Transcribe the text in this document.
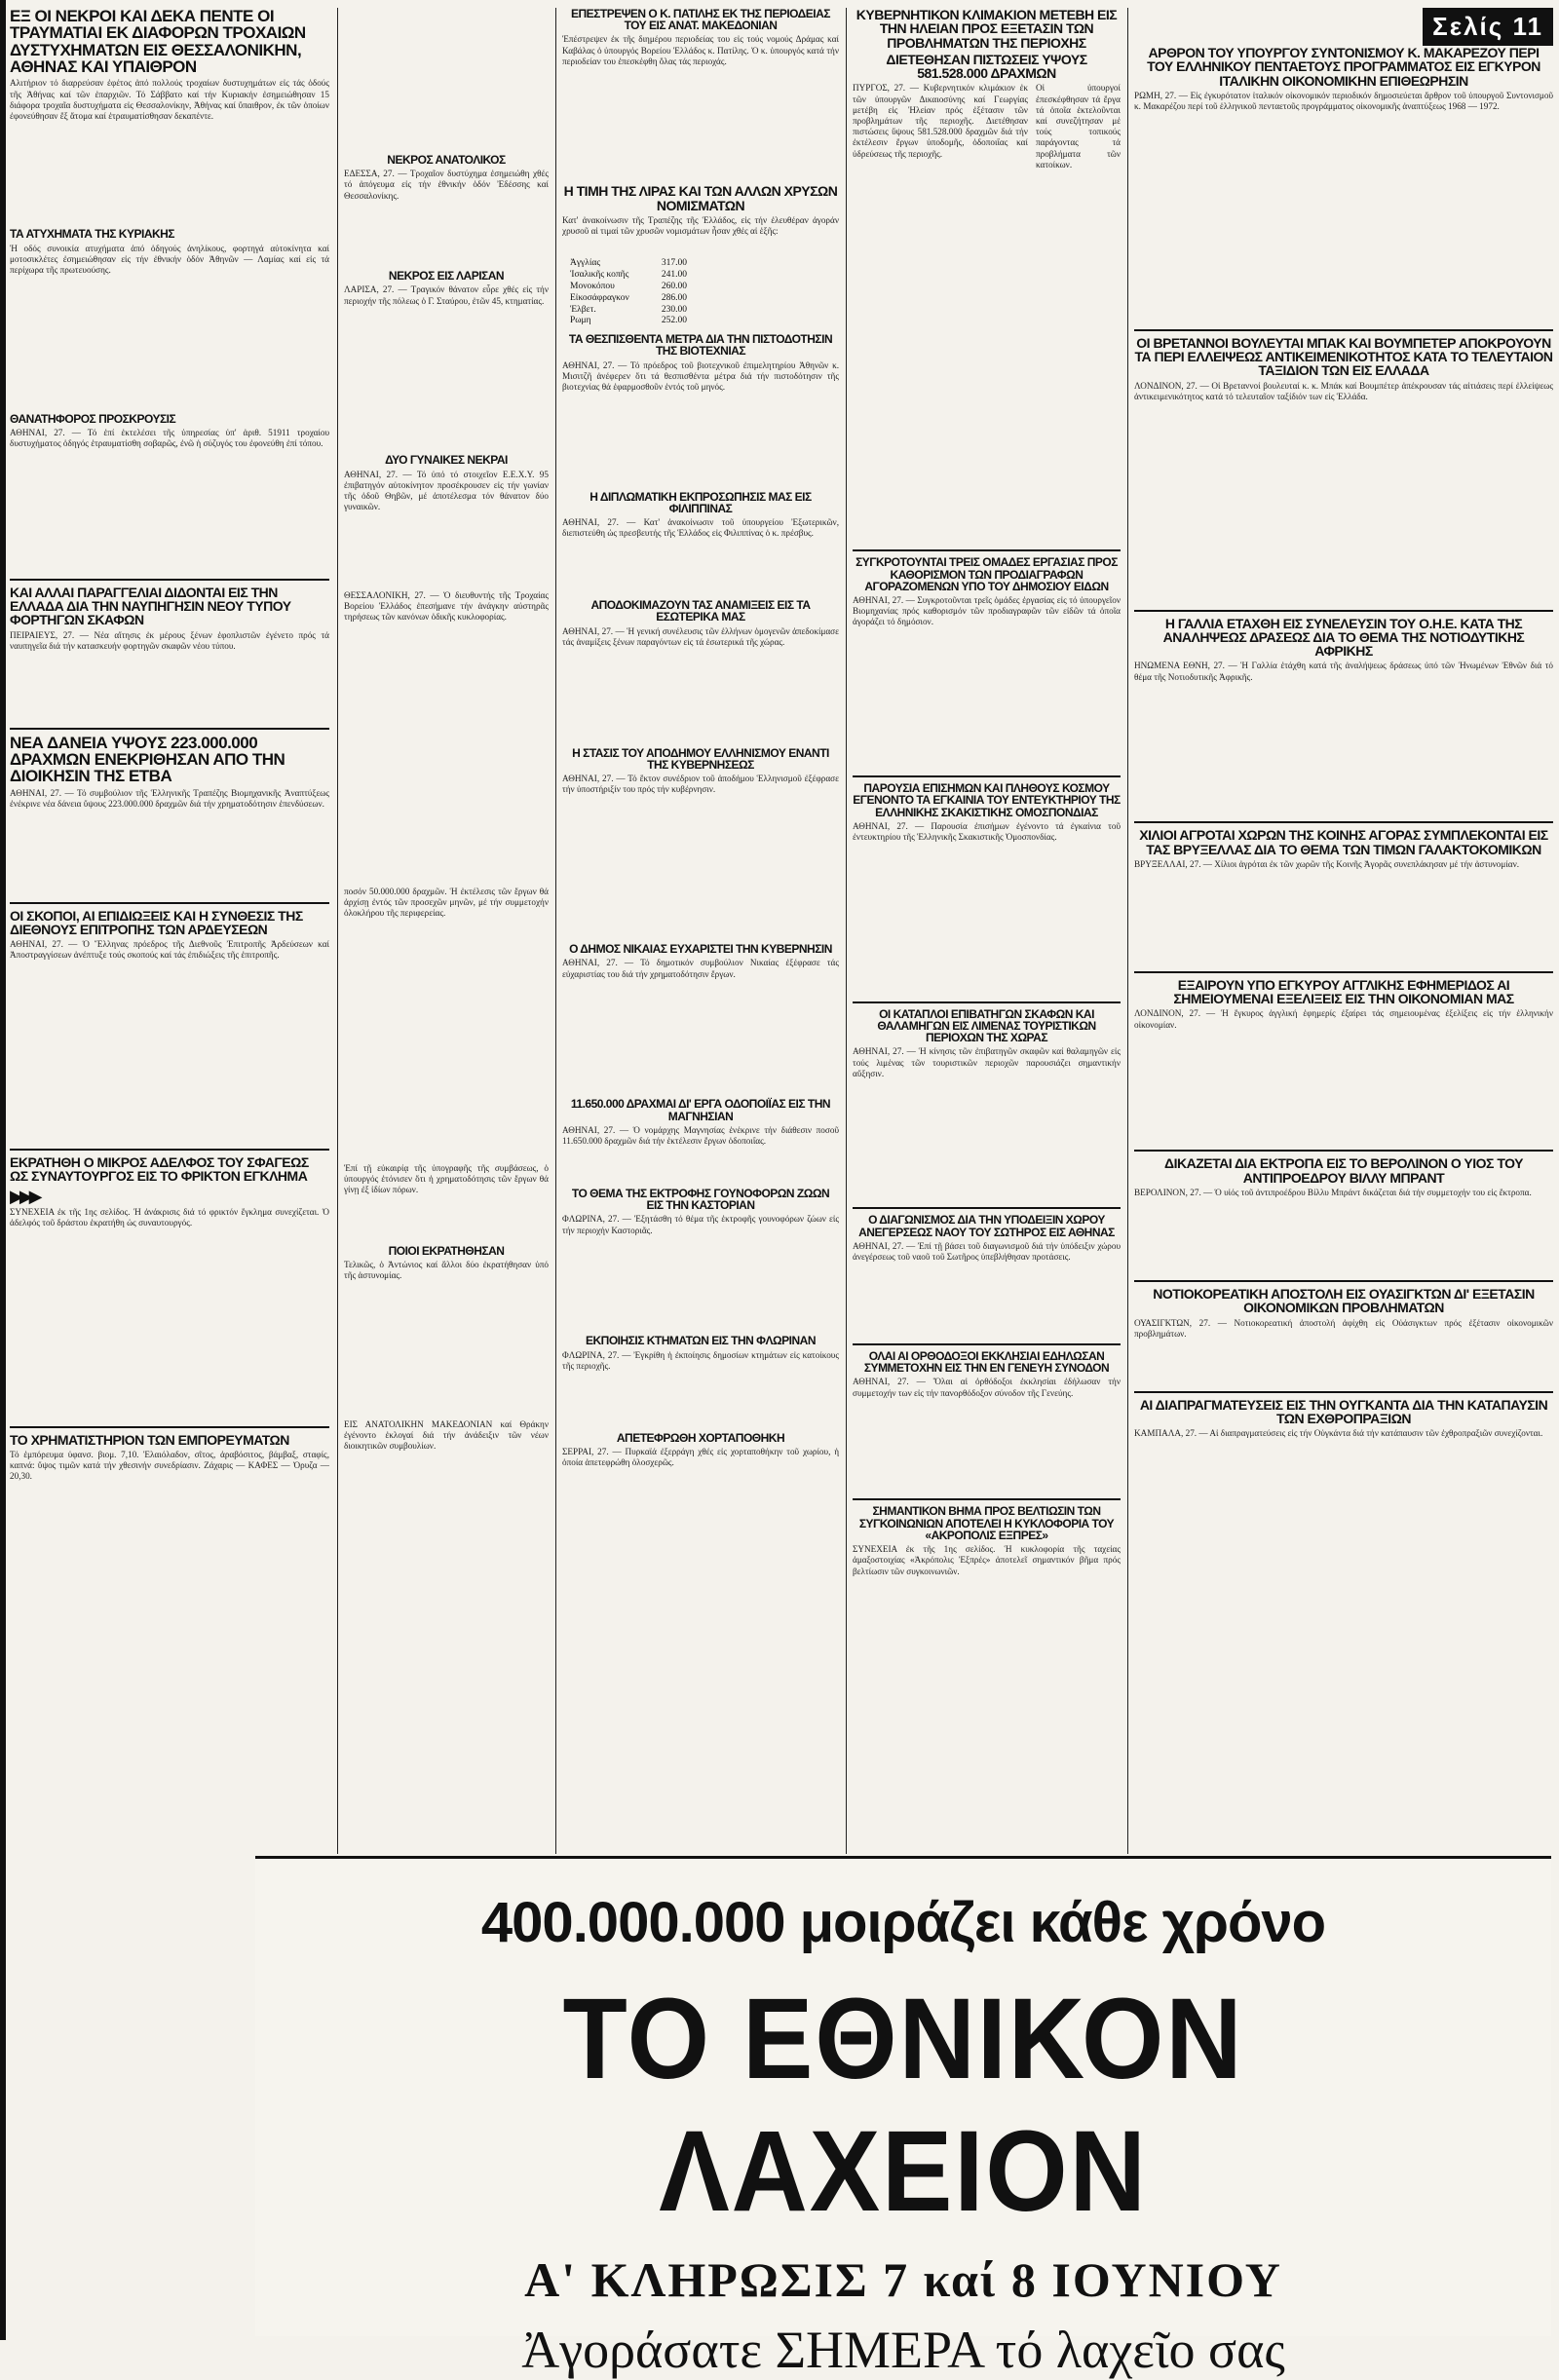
ΕΞ ΟΙ ΝΕΚΡΟΙ ΚΑΙ ΔΕΚΑ ΠΕΝΤΕ ΟΙ ΤΡΑΥΜΑΤΙΑΙ ΕΚ ΔΙΑΦΟΡΩΝ ΤΡΟΧΑΙΩΝ ΔΥΣΤΥΧΗΜΑΤΩΝ ΕΙΣ ΘΕΣΣΑΛΟΝΙΚΗΝ, ΑΘΗΝΑΣ ΚΑΙ ΥΠΑΙΘΡΟΝ

Αλιτήριον τό διαρρεύσαν ἐφέτος ἀπό πολλούς τροχαίων δυστυχημάτων εἰς τάς ὁδούς τῆς Ἀθήνας καί τῶν ἐπαρχιῶν. Τό Σάββατο καί τήν Κυριακήν ἐσημειώθησαν 15 διάφορα τροχαῖα δυστυχήματα εἰς Θεσσαλονίκην, Ἀθήνας καί ὕπαιθρον, ἐκ τῶν ὁποίων ἐφονεύθησαν ἕξ ἄτομα καί ἐτραυματίσθησαν δεκαπέντε.

ΤΑ ΑΤΥΧΗΜΑΤΑ ΤΗΣ ΚΥΡΙΑΚΗΣ

Ἡ οδός συνοικία ατυχήματα ἀπό ὁδηγούς ἀνηλίκους, φορτηγά αὐτοκίνητα καί μοτοσικλέτες ἐσημειώθησαν εἰς τήν ἐθνικήν ὁδόν Ἀθηνῶν — Λαμίας καί εἰς τά περίχωρα τῆς πρωτευούσης.

ΘΑΝΑΤΗΦΟΡΟΣ ΠΡΟΣΚΡΟΥΣΙΣ

ΑΘΗΝΑΙ, 27. — Τό ἐπί ἐκτελέσει τῆς ὑπηρεσίας ὑπ' ἀριθ. 51911 τροχαίου δυστυχήματος ὁδηγός ἐτραυματίσθη σοβαρῶς, ἐνῶ ἡ σύζυγός του ἐφονεύθη ἐπί τόπου.

ΚΑΙ ΑΛΛΑΙ ΠΑΡΑΓΓΕΛΙΑΙ ΔΙΔΟΝΤΑΙ ΕΙΣ ΤΗΝ ΕΛΛΑΔΑ ΔΙΑ ΤΗΝ ΝΑΥΠΗΓΗΣΙΝ ΝΕΟΥ ΤΥΠΟΥ ΦΟΡΤΗΓΩΝ ΣΚΑΦΩΝ

ΠΕΙΡΑΙΕΥΣ, 27. — Νέα αἴτησις ἐκ μέρους ξένων ἐφοπλιστῶν ἐγένετο πρός τά ναυπηγεῖα διά τήν κατασκευήν φορτηγῶν σκαφῶν νέου τύπου.

ΝΕΑ ΔΑΝΕΙΑ ΥΨΟΥΣ 223.000.000 ΔΡΑΧΜΩΝ ΕΝΕΚΡΙΘΗΣΑΝ ΑΠΟ ΤΗΝ ΔΙΟΙΚΗΣΙΝ ΤΗΣ ΕΤΒΑ

ΑΘΗΝΑΙ, 27. — Τό συμβούλιον τῆς Ἑλληνικῆς Τραπέζης Βιομηχανικῆς Ἀναπτύξεως ἐνέκρινε νέα δάνεια ὕψους 223.000.000 δραχμῶν διά τήν χρηματοδότησιν ἐπενδύσεων.

ΟΙ ΣΚΟΠΟΙ, ΑΙ ΕΠΙΔΙΩΞΕΙΣ ΚΑΙ Η ΣΥΝΘΕΣΙΣ ΤΗΣ ΔΙΕΘΝΟΥΣ ΕΠΙΤΡΟΠΗΣ ΤΩΝ ΑΡΔΕΥΣΕΩΝ

ΑΘΗΝΑΙ, 27. — Ὁ Ἕλληνας πρόεδρος τῆς Διεθνοῦς Ἐπιτροπῆς Ἀρδεύσεων καί Ἀποστραγγίσεων ἀνέπτυξε τούς σκοπούς καί τάς ἐπιδιώξεις τῆς ἐπιτροπῆς.

ΕΚΡΑΤΗΘΗ Ο ΜΙΚΡΟΣ ΑΔΕΛΦΟΣ ΤΟΥ ΣΦΑΓΕΩΣ ΩΣ ΣΥΝΑΥΤΟΥΡΓΟΣ ΕΙΣ ΤΟ ΦΡΙΚΤΟΝ ΕΓΚΛΗΜΑ
▶▶▶

ΣΥΝΕΧΕΙΑ ἐκ τῆς 1ης σελίδος. Ἡ ἀνάκρισις διά τό φρικτόν ἔγκλημα συνεχίζεται. Ὁ ἀδελφός τοῦ δράστου ἐκρατήθη ὡς συναυτουργός.

ΤΟ ΧΡΗΜΑΤΙΣΤΗΡΙΟΝ ΤΩΝ ΕΜΠΟΡΕΥΜΑΤΩΝ

Τό ἐμπόρευμα ὑφανσ. βιομ. 7,10. Ἐλαιόλαδον, σῖτος, ἀραβόσιτος, βάμβαξ, σταφίς, καπνά: ὕψος τιμῶν κατά τήν χθεσινήν συνεδρίασιν. Ζάχαρις — ΚΑΦΕΣ — Ὀρυζα — 20,30.

ΝΕΚΡΟΣ ΑΝΑΤΟΛΙΚΟΣ

ΕΔΕΣΣΑ, 27. — Τροχαῖον δυστύχημα ἐσημειώθη χθές τό ἀπόγευμα εἰς τήν ἐθνικήν ὁδόν Ἐδέσσης καί Θεσσαλονίκης.

ΝΕΚΡΟΣ ΕΙΣ ΛΑΡΙΣΑΝ

ΛΑΡΙΣΑ, 27. — Τραγικόν θάνατον εὗρε χθές εἰς τήν περιοχήν τῆς πόλεως ὁ Γ. Σταύρου, ἐτῶν 45, κτηματίας.

ΔΥΟ ΓΥΝΑΙΚΕΣ ΝΕΚΡΑΙ

ΑΘΗΝΑΙ, 27. — Τό ὑπό τό στοιχεῖον Ε.Ε.Χ.Υ. 95 ἐπιβατηγόν αὐτοκίνητον προσέκρουσεν εἰς τήν γωνίαν τῆς ὁδοῦ Θηβῶν, μέ ἀποτέλεσμα τόν θάνατον δύο γυναικῶν.

ΘΕΣΣΑΛΟΝΙΚΗ, 27. — Ὁ διευθυντής τῆς Τροχαίας Βορείου Ἑλλάδος ἐπεσήμανε τήν ἀνάγκην αὐστηρᾶς τηρήσεως τῶν κανόνων ὁδικῆς κυκλοφορίας.

ποσόν 50.000.000 δραχμῶν. Ἡ ἐκτέλεσις τῶν ἔργων θά ἀρχίσῃ ἐντός τῶν προσεχῶν μηνῶν, μέ τήν συμμετοχήν ὁλοκλήρου τῆς περιφερείας.

Ἐπί τῇ εὐκαιρίᾳ τῆς ὑπογραφῆς τῆς συμβάσεως, ὁ ὑπουργός ἐτόνισεν ὅτι ἡ χρηματοδότησις τῶν ἔργων θά γίνῃ ἐξ ἰδίων πόρων.

ΠΟΙΟΙ ΕΚΡΑΤΗΘΗΣΑΝ

Τελικῶς, ὁ Ἀντώνιος καί ἄλλοι δύο ἐκρατήθησαν ὑπό τῆς ἀστυνομίας.

ΕΙΣ ΑΝΑΤΟΛΙΚΗΝ ΜΑΚΕΔΟΝΙΑΝ καί Θράκην ἐγένοντο ἐκλογαί διά τήν ἀνάδειξιν τῶν νέων διοικητικῶν συμβουλίων.

ΕΠΕΣΤΡΕΨΕΝ Ο Κ. ΠΑΤΙΛΗΣ ΕΚ ΤΗΣ ΠΕΡΙΟΔΕΙΑΣ ΤΟΥ ΕΙΣ ΑΝΑΤ. ΜΑΚΕΔΟΝΙΑΝ

Ἐπέστρεψεν ἐκ τῆς διημέρου περιοδείας του εἰς τούς νομούς Δράμας καί Καβάλας ὁ ὑπουργός Βορείου Ἑλλάδος κ. Πατίλης. Ὁ κ. ὑπουργός κατά τήν περιοδείαν του ἐπεσκέφθη ὅλας τάς περιοχάς.

Η ΤΙΜΗ ΤΗΣ ΛΙΡΑΣ ΚΑΙ ΤΩΝ ΑΛΛΩΝ ΧΡΥΣΩΝ ΝΟΜΙΣΜΑΤΩΝ

Κατ' ἀνακοίνωσιν τῆς Τραπέζης τῆς Ἑλλάδος, εἰς τήν ἐλευθέραν ἀγοράν χρυσοῦ αἱ τιμαί τῶν χρυσῶν νομισμάτων ἦσαν χθές αἱ ἑξῆς:

Ἀγγλίας	317.00
Ἰσαλικῆς κοπῆς	241.00
Μονοκόπου	260.00
Εἰκοσάφραγκον	286.00
Ἑλβετ.	230.00
Ρωμη	252.00
ΤΑ ΘΕΣΠΙΣΘΕΝΤΑ ΜΕΤΡΑ ΔΙΑ ΤΗΝ ΠΙΣΤΟΔΟΤΗΣΙΝ ΤΗΣ ΒΙΟΤΕΧΝΙΑΣ

ΑΘΗΝΑΙ, 27. — Τό πρόεδρος τοῦ βιοτεχνικοῦ ἐπιμελητηρίου Ἀθηνῶν κ. Μισιτζῆ ἀνέφερεν ὅτι τά θεσπισθέντα μέτρα διά τήν πιστοδότησιν τῆς βιοτεχνίας θά ἐφαρμοσθοῦν ἐντός τοῦ μηνός.

Η ΔΙΠΛΩΜΑΤΙΚΗ ΕΚΠΡΟΣΩΠΗΣΙΣ ΜΑΣ ΕΙΣ ΦΙΛΙΠΠΙΝΑΣ

ΑΘΗΝΑΙ, 27. — Κατ' ἀνακοίνωσιν τοῦ ὑπουργείου Ἐξωτερικῶν, διεπιστεύθη ὡς πρεσβευτής τῆς Ἑλλάδος εἰς Φιλιππίνας ὁ κ. πρέσβυς.

ΑΠΟΔΟΚΙΜΑΖΟΥΝ ΤΑΣ ΑΝΑΜΙΞΕΙΣ ΕΙΣ ΤΑ ΕΣΩΤΕΡΙΚΑ ΜΑΣ

ΑΘΗΝΑΙ, 27. — Ἡ γενική συνέλευσις τῶν ἑλλήνων ὁμογενῶν ἀπεδοκίμασε τάς ἀναμίξεις ξένων παραγόντων εἰς τά ἐσωτερικά τῆς χώρας.

Η ΣΤΑΣΙΣ ΤΟΥ ΑΠΟΔΗΜΟΥ ΕΛΛΗΝΙΣΜΟΥ ΕΝΑΝΤΙ ΤΗΣ ΚΥΒΕΡΝΗΣΕΩΣ

ΑΘΗΝΑΙ, 27. — Τό ἕκτον συνέδριον τοῦ ἀποδήμου Ἑλληνισμοῦ ἐξέφρασε τήν ὑποστήριξίν του πρός τήν κυβέρνησιν.

Ο ΔΗΜΟΣ ΝΙΚΑΙΑΣ ΕΥΧΑΡΙΣΤΕΙ ΤΗΝ ΚΥΒΕΡΝΗΣΙΝ

ΑΘΗΝΑΙ, 27. — Τό δημοτικόν συμβούλιον Νικαίας ἐξέφρασε τάς εὐχαριστίας του διά τήν χρηματοδότησιν ἔργων.

11.650.000 ΔΡΑΧΜΑΙ ΔΙ' ΕΡΓΑ ΟΔΟΠΟΙΪΑΣ ΕΙΣ ΤΗΝ ΜΑΓΝΗΣΙΑΝ

ΑΘΗΝΑΙ, 27. — Ὁ νομάρχης Μαγνησίας ἐνέκρινε τήν διάθεσιν ποσοῦ 11.650.000 δραχμῶν διά τήν ἐκτέλεσιν ἔργων ὁδοποιΐας.

ΤΟ ΘΕΜΑ ΤΗΣ ΕΚΤΡΟΦΗΣ ΓΟΥΝΟΦΟΡΩΝ ΖΩΩΝ ΕΙΣ ΤΗΝ ΚΑΣΤΟΡΙΑΝ

ΦΛΩΡΙΝΑ, 27. — Ἐξητάσθη τό θέμα τῆς ἐκτροφῆς γουνοφόρων ζώων εἰς τήν περιοχήν Καστοριᾶς.

ΕΚΠΟΙΗΣΙΣ ΚΤΗΜΑΤΩΝ ΕΙΣ ΤΗΝ ΦΛΩΡΙΝΑΝ

ΦΛΩΡΙΝΑ, 27. — Ἐγκρίθη ἡ ἐκποίησις δημοσίων κτημάτων εἰς κατοίκους τῆς περιοχῆς.

ΑΠΕΤΕΦΡΩΘΗ ΧΟΡΤΑΠΟΘΗΚΗ

ΣΕΡΡΑΙ, 27. — Πυρκαϊά ἐξερράγη χθές εἰς χορταποθήκην τοῦ χωρίου, ἡ ὁποία ἀπετεφρώθη ὁλοσχερῶς.

ΚΥΒΕΡΝΗΤΙΚΟΝ ΚΛΙΜΑΚΙΟΝ ΜΕΤΕΒΗ ΕΙΣ ΤΗΝ ΗΛΕΙΑΝ ΠΡΟΣ ΕΞΕΤΑΣΙΝ ΤΩΝ ΠΡΟΒΛΗΜΑΤΩΝ ΤΗΣ ΠΕΡΙΟΧΗΣ
ΔΙΕΤΕΘΗΣΑΝ ΠΙΣΤΩΣΕΙΣ ΥΨΟΥΣ 581.528.000 ΔΡΑΧΜΩΝ

ΠΥΡΓΟΣ, 27. — Κυβερνητικόν κλιμάκιον ἐκ τῶν ὑπουργῶν Δικαιοσύνης καί Γεωργίας μετέβη εἰς Ἠλείαν πρός ἐξέτασιν τῶν προβλημάτων τῆς περιοχῆς. Διετέθησαν πιστώσεις ὕψους 581.528.000 δραχμῶν διά τήν ἐκτέλεσιν ἔργων ὑποδομῆς, ὁδοποιΐας καί ὑδρεύσεως τῆς περιοχῆς.

Οἱ ὑπουργοί ἐπεσκέφθησαν τά ἔργα τά ὁποῖα ἐκτελοῦνται καί συνεζήτησαν μέ τούς τοπικούς παράγοντας τά προβλήματα τῶν κατοίκων.

ΣΥΓΚΡΟΤΟΥΝΤΑΙ ΤΡΕΙΣ ΟΜΑΔΕΣ ΕΡΓΑΣΙΑΣ ΠΡΟΣ ΚΑΘΟΡΙΣΜΟΝ ΤΩΝ ΠΡΟΔΙΑΓΡΑΦΩΝ ΑΓΟΡΑΖΟΜΕΝΩΝ ΥΠΟ ΤΟΥ ΔΗΜΟΣΙΟΥ ΕΙΔΩΝ

ΑΘΗΝΑΙ, 27. — Συγκροτοῦνται τρεῖς ὁμάδες ἐργασίας εἰς τό ὑπουργεῖον Βιομηχανίας πρός καθορισμόν τῶν προδιαγραφῶν τῶν εἰδῶν τά ὁποῖα ἀγοράζει τό δημόσιον.

ΠΑΡΟΥΣΙΑ ΕΠΙΣΗΜΩΝ ΚΑΙ ΠΛΗΘΟΥΣ ΚΟΣΜΟΥ ΕΓΕΝΟΝΤΟ ΤΑ ΕΓΚΑΙΝΙΑ ΤΟΥ ΕΝΤΕΥΚΤΗΡΙΟΥ ΤΗΣ ΕΛΛΗΝΙΚΗΣ ΣΚΑΚΙΣΤΙΚΗΣ ΟΜΟΣΠΟΝΔΙΑΣ

ΑΘΗΝΑΙ, 27. — Παρουσία ἐπισήμων ἐγένοντο τά ἐγκαίνια τοῦ ἐντευκτηρίου τῆς Ἑλληνικῆς Σκακιστικῆς Ὁμοσπονδίας.

ΟΙ ΚΑΤΑΠΛΟΙ ΕΠΙΒΑΤΗΓΩΝ ΣΚΑΦΩΝ ΚΑΙ ΘΑΛΑΜΗΓΩΝ ΕΙΣ ΛΙΜΕΝΑΣ ΤΟΥΡΙΣΤΙΚΩΝ ΠΕΡΙΟΧΩΝ ΤΗΣ ΧΩΡΑΣ

ΑΘΗΝΑΙ, 27. — Ἡ κίνησις τῶν ἐπιβατηγῶν σκαφῶν καί θαλαμηγῶν εἰς τούς λιμένας τῶν τουριστικῶν περιοχῶν παρουσιάζει σημαντικήν αὔξησιν.

Ο ΔΙΑΓΩΝΙΣΜΟΣ ΔΙΑ ΤΗΝ ΥΠΟΔΕΙΞΙΝ ΧΩΡΟΥ ΑΝΕΓΕΡΣΕΩΣ ΝΑΟΥ ΤΟΥ ΣΩΤΗΡΟΣ ΕΙΣ ΑΘΗΝΑΣ

ΑΘΗΝΑΙ, 27. — Ἐπί τῇ βάσει τοῦ διαγωνισμοῦ διά τήν ὑπόδειξιν χώρου ἀνεγέρσεως τοῦ ναοῦ τοῦ Σωτῆρος ὑπεβλήθησαν προτάσεις.

ΟΛΑΙ ΑΙ ΟΡΘΟΔΟΞΟΙ ΕΚΚΛΗΣΙΑΙ ΕΔΗΛΩΣΑΝ ΣΥΜΜΕΤΟΧΗΝ ΕΙΣ ΤΗΝ ΕΝ ΓΕΝΕΥΗ ΣΥΝΟΔΟΝ

ΑΘΗΝΑΙ, 27. — Ὅλαι αἱ ὀρθόδοξοι ἐκκλησίαι ἐδήλωσαν τήν συμμετοχήν των εἰς τήν πανορθόδοξον σύνοδον τῆς Γενεύης.

ΣΗΜΑΝΤΙΚΟΝ ΒΗΜΑ ΠΡΟΣ ΒΕΛΤΙΩΣΙΝ ΤΩΝ ΣΥΓΚΟΙΝΩΝΙΩΝ ΑΠΟΤΕΛΕΙ Η ΚΥΚΛΟΦΟΡΙΑ ΤΟΥ «ΑΚΡΟΠΟΛΙΣ ΕΞΠΡΕΣ»

ΣΥΝΕΧΕΙΑ ἐκ τῆς 1ης σελίδος. Ἡ κυκλοφορία τῆς ταχείας ἁμαξοστοιχίας «Ἀκρόπολις Ἐξπρές» ἀποτελεῖ σημαντικόν βῆμα πρός βελτίωσιν τῶν συγκοινωνιῶν.

Σελίς 11
ΑΡΘΡΟΝ ΤΟΥ ΥΠΟΥΡΓΟΥ ΣΥΝΤΟΝΙΣΜΟΥ Κ. ΜΑΚΑΡΕΖΟΥ ΠΕΡΙ ΤΟΥ ΕΛΛΗΝΙΚΟΥ ΠΕΝΤΑΕΤΟΥΣ ΠΡΟΓΡΑΜΜΑΤΟΣ ΕΙΣ ΕΓΚΥΡΟΝ ΙΤΑΛΙΚΗΝ ΟΙΚΟΝΟΜΙΚΗΝ ΕΠΙΘΕΩΡΗΣΙΝ

ΡΩΜΗ, 27. — Εἰς ἐγκυρότατον ἰταλικόν οἰκονομικόν περιοδικόν δημοσιεύεται ἄρθρον τοῦ ὑπουργοῦ Συντονισμοῦ κ. Μακαρέζου περί τοῦ ἑλληνικοῦ πενταετοῦς προγράμματος οἰκονομικῆς ἀναπτύξεως 1968 — 1972.

ΟΙ ΒΡΕΤΑΝΝΟΙ ΒΟΥΛΕΥΤΑΙ ΜΠΑΚ ΚΑΙ ΒΟΥΜΠΕΤΕΡ ΑΠΟΚΡΟΥΟΥΝ ΤΑ ΠΕΡΙ ΕΛΛΕΙΨΕΩΣ ΑΝΤΙΚΕΙΜΕΝΙΚΟΤΗΤΟΣ ΚΑΤΑ ΤΟ ΤΕΛΕΥΤΑΙΟΝ ΤΑΞΙΔΙΟΝ ΤΩΝ ΕΙΣ ΕΛΛΑΔΑ

ΛΟΝΔΙΝΟΝ, 27. — Οἱ Βρεταννοί βουλευταί κ. κ. Μπάκ καί Βουμπέτερ ἀπέκρουσαν τάς αἰτιάσεις περί ἐλλείψεως ἀντικειμενικότητος κατά τό τελευταῖον ταξίδιόν των εἰς Ἑλλάδα.

Η ΓΑΛΛΙΑ ΕΤΑΧΘΗ ΕΙΣ ΣΥΝΕΛΕΥΣΙΝ ΤΟΥ Ο.Η.Ε. ΚΑΤΑ ΤΗΣ ΑΝΑΛΗΨΕΩΣ ΔΡΑΣΕΩΣ ΔΙΑ ΤΟ ΘΕΜΑ ΤΗΣ ΝΟΤΙΟΔΥΤΙΚΗΣ ΑΦΡΙΚΗΣ

ΗΝΩΜΕΝΑ ΕΘΝΗ, 27. — Ἡ Γαλλία ἐτάχθη κατά τῆς ἀναλήψεως δράσεως ὑπό τῶν Ἡνωμένων Ἐθνῶν διά τό θέμα τῆς Νοτιοδυτικῆς Ἀφρικῆς.

ΧΙΛΙΟΙ ΑΓΡΟΤΑΙ ΧΩΡΩΝ ΤΗΣ ΚΟΙΝΗΣ ΑΓΟΡΑΣ ΣΥΜΠΛΕΚΟΝΤΑΙ ΕΙΣ ΤΑΣ ΒΡΥΞΕΛΛΑΣ ΔΙΑ ΤΟ ΘΕΜΑ ΤΩΝ ΤΙΜΩΝ ΓΑΛΑΚΤΟΚΟΜΙΚΩΝ

ΒΡΥΞΕΛΛΑΙ, 27. — Χίλιοι ἀγρόται ἐκ τῶν χωρῶν τῆς Κοινῆς Ἀγορᾶς συνεπλάκησαν μέ τήν ἀστυνομίαν.

ΕΞΑΙΡΟΥΝ ΥΠΟ ΕΓΚΥΡΟΥ ΑΓΓΛΙΚΗΣ ΕΦΗΜΕΡΙΔΟΣ ΑΙ ΣΗΜΕΙΟΥΜΕΝΑΙ ΕΞΕΛΙΞΕΙΣ ΕΙΣ ΤΗΝ ΟΙΚΟΝΟΜΙΑΝ ΜΑΣ

ΛΟΝΔΙΝΟΝ, 27. — Ἡ ἔγκυρος ἀγγλική ἐφημερίς ἐξαίρει τάς σημειουμένας ἐξελίξεις εἰς τήν ἑλληνικήν οἰκονομίαν.

ΔΙΚΑΖΕΤΑΙ ΔΙΑ ΕΚΤΡΟΠΑ ΕΙΣ ΤΟ ΒΕΡΟΛΙΝΟΝ Ο ΥΙΟΣ ΤΟΥ ΑΝΤΙΠΡΟΕΔΡΟΥ ΒΙΛΛΥ ΜΠΡΑΝΤ

ΒΕΡΟΛΙΝΟΝ, 27. — Ὁ υἱός τοῦ ἀντιπροέδρου Βίλλυ Μπράντ δικάζεται διά τήν συμμετοχήν του εἰς ἔκτροπα.

ΝΟΤΙΟΚΟΡΕΑΤΙΚΗ ΑΠΟΣΤΟΛΗ ΕΙΣ ΟΥΑΣΙΓΚΤΩΝ ΔΙ' ΕΞΕΤΑΣΙΝ ΟΙΚΟΝΟΜΙΚΩΝ ΠΡΟΒΛΗΜΑΤΩΝ

ΟΥΑΣΙΓΚΤΩΝ, 27. — Νοτιοκορεατική ἀποστολή ἀφίχθη εἰς Οὐάσιγκτων πρός ἐξέτασιν οἰκονομικῶν προβλημάτων.

ΑΙ ΔΙΑΠΡΑΓΜΑΤΕΥΣΕΙΣ ΕΙΣ ΤΗΝ ΟΥΓΚΑΝΤΑ ΔΙΑ ΤΗΝ ΚΑΤΑΠΑΥΣΙΝ ΤΩΝ ΕΧΘΡΟΠΡΑΞΙΩΝ

ΚΑΜΠΑΛΑ, 27. — Αἱ διαπραγματεύσεις εἰς τήν Οὐγκάντα διά τήν κατάπαυσιν τῶν ἐχθροπραξιῶν συνεχίζονται.

400.000.000 μοιράζει κάθε χρόνο
ΤΟ ΕΘΝΙΚΟΝ ΛΑΧΕΙΟΝ
Α' ΚΛΗΡΩΣΙΣ 7 καί 8 ΙΟΥΝΙΟΥ
Ἀγοράσατε ΣΗΜΕΡΑ τό λαχεῖο σας
